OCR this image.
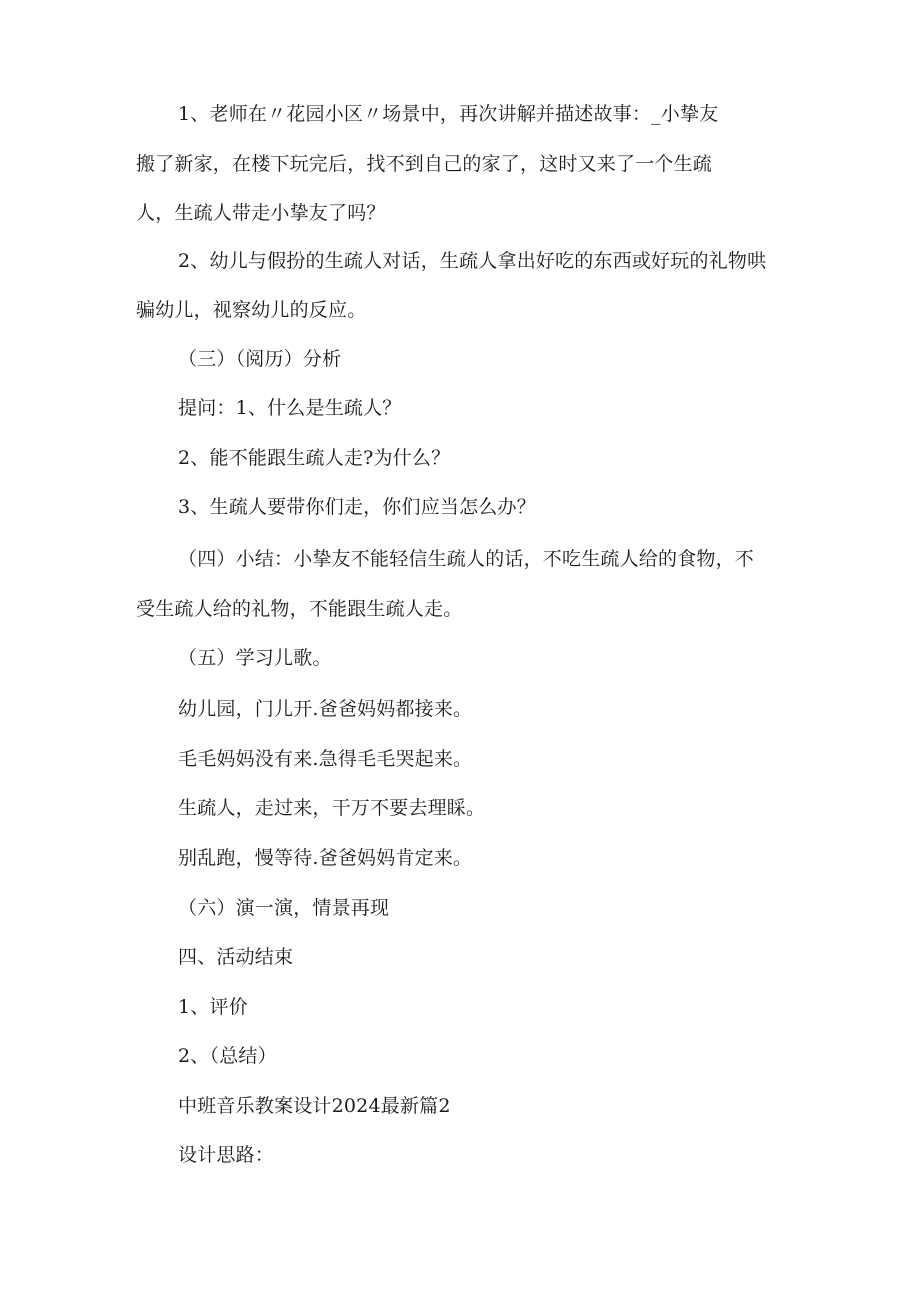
1、老师在〃花园小区〃场景中，再次讲解并描述故事：_小挚友
搬了新家，在楼下玩完后，找不到自己的家了，这时又来了一个生疏
人，生疏人带走小挚友了吗？
2、幼儿与假扮的生疏人对话，生疏人拿出好吃的东西或好玩的礼物哄
骗幼儿，视察幼儿的反应。
（三）（阅历）分析
提问：1、什么是生疏人？
2、能不能跟生疏人走?为什么？
3、生疏人要带你们走，你们应当怎么办？
（四）小结：小挚友不能轻信生疏人的话，不吃生疏人给的食物，不
受生疏人给的礼物，不能跟生疏人走。
（五）学习儿歌。
幼儿园，门儿开.爸爸妈妈都接来。
毛毛妈妈没有来.急得毛毛哭起来。
生疏人，走过来，干万不要去理睬。
别乱跑，慢等待.爸爸妈妈肯定来。
（六）演一演，情景再现
四、活动结束
1、评价
2、（总结）
中班音乐教案设计2024最新篇2
设计思路：
